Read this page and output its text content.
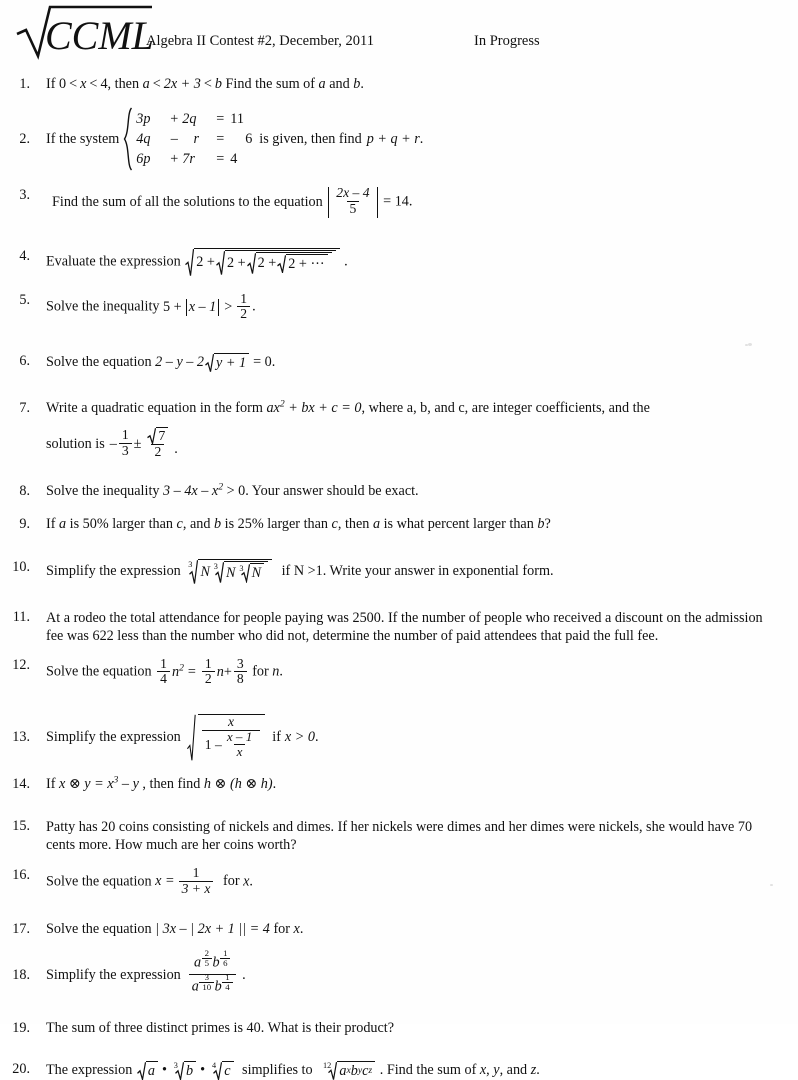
CCML
Algebra II Contest #2, December, 2011	In Progress
1.	If 0 < x < 4 , then a < 2x + 3 < b Find the sum of a and b.
2.	If the system
3p	+ 2q	= 11
4q	–	r	=	6
6p	+ 7r	= 4
is given, then find p + q + r .
3.	Find the sum of all the solutions to the equation $\frac{2x - 4}{5} = 14$.
4.	Evaluate the expression 2 + 2 + 2 + 2 + ··· .
5.	Solve the inequality $5 + x - 1 > \frac{1}{2}$ .
6.	Solve the equation 2 – y – 2 y + 1 = 0 .
7.	Write a quadratic equation in the form $ax^2$ + bx + c = 0, where a, b, and c, are integer coefficients, and the
solution is – $\frac{1}{3} \pm \frac{7}{2}$ .
8.	Solve the inequality $3 - 4x - x^2 > 0$. Your answer should be exact.
9.	If a is 50% larger than c, and b is 25% larger than c, then a is what percent larger than b?
10.	Simplify the expression 3 N 3 N 3 N if N >1. Write your answer in exponential form.
11.	At a rodeo the total attendance for people paying was 2500. If the number of people who received a discount on the admission fee was 622 less than the number who did not, determine the number of paid attendees that paid the full fee.
12.	Solve the equation $\frac{1}{4} n^2 = \frac{1}{2}$ $n + \frac{3}{8}$ for n.
13.	Simplify the expression
x
$1 - \frac{x - 1}{x}$ if x > 0 .
14.	If x ⊗ $y = x^3 - y$ , then find h ⊗ (h ⊗ h).
15.	Patty has 20 coins consisting of nickels and dimes. If her nickels were dimes and her dimes were nickels, she would have 70 cents more. How much are her coins worth?
16.	Solve the equation $x = \frac{1}{3 + x}$ for x.
17.	Solve the equation | 3x – | 2x + 1 || = 4 for x.
18.	Simplify the expression $\frac{a \frac{2}{5} b \frac{1}{6}}{a \frac{3}{10} b \frac{1}{4}}$ .
19.	The sum of three distinct primes is 40. What is their product?
20.	The expression a • 3 b • 4 c simplifies to 12 a x b y c z . Find the sum of x, y, and z.
